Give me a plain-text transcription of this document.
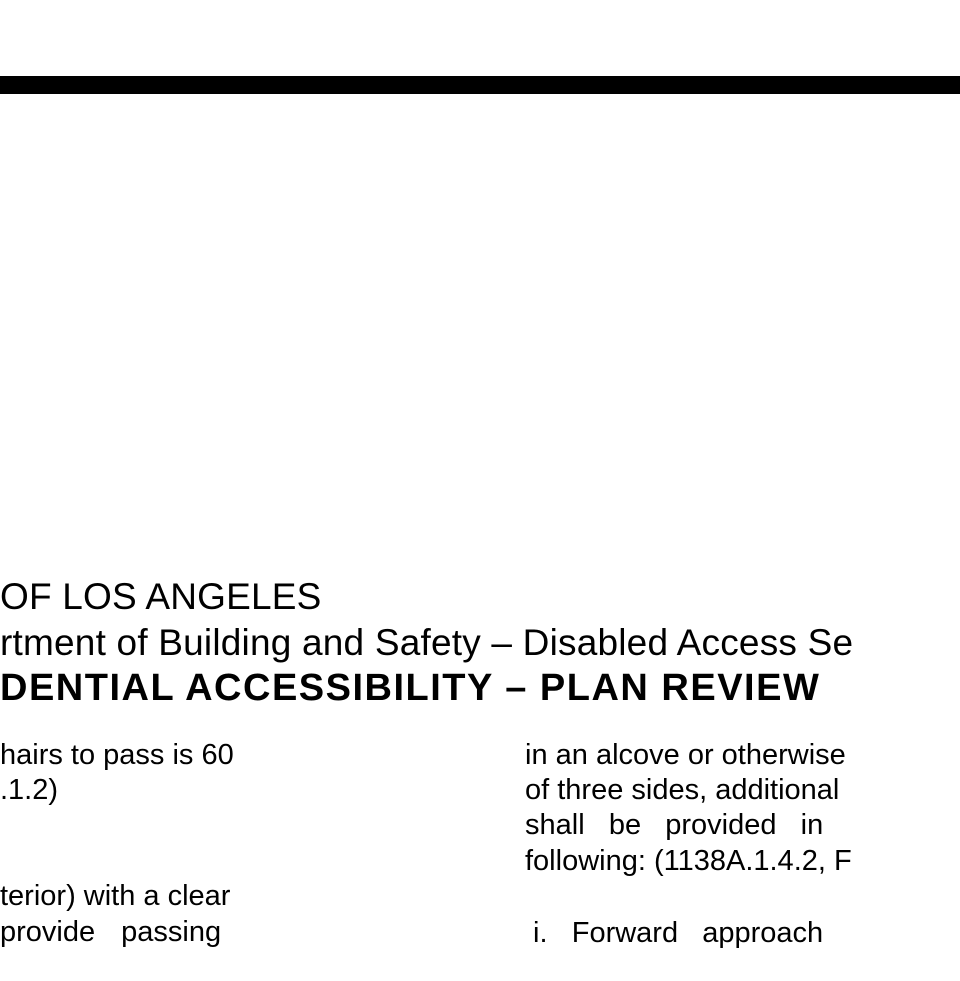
OF LOS ANGELES
rtment of Building and Safety – Disabled Access Se
DENTIAL ACCESSIBILITY – PLAN REVIEW
hairs to pass is 60
.1.2)
terior) with a clear
provide passing
in an alcove or otherwise
of three sides, additional
shall   be   provided   in
following: (1138A.1.4.2, F
i.   Forward   approach
